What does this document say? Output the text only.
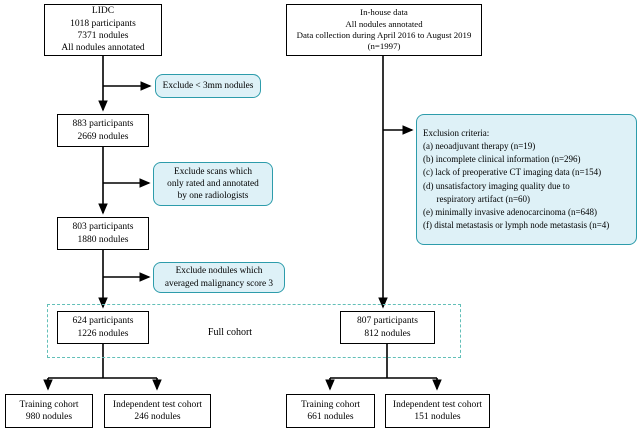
Full cohort
LIDC
1018 participants
7371 nodules
All nodules annotated
Exclude < 3mm nodules
883 participants
2669 nodules
Exclude scans which
only rated and annotated
by one radiologists
803 participants
1880 nodules
Exclude nodules which
averaged malignancy score 3
624 participants
1226 nodules
Training cohort
980 nodules
Independent test cohort
246 nodules
In-house data
All nodules annotated
Data collection during April 2016 to August 2019
(n=1997)
Exclusion criteria:
(a) neoadjuvant therapy (n=19)
(b) incomplete clinical information (n=296)
(c) lack of preoperative CT imaging data (n=154)
(d) unsatisfactory imaging quality due to
respiratory artifact (n=60)
(e) minimally invasive adenocarcinoma (n=648)
(f) distal metastasis or lymph node metastasis (n=4)
807 participants
812 nodules
Training cohort
661 nodules
Independent test cohort
151 nodules
